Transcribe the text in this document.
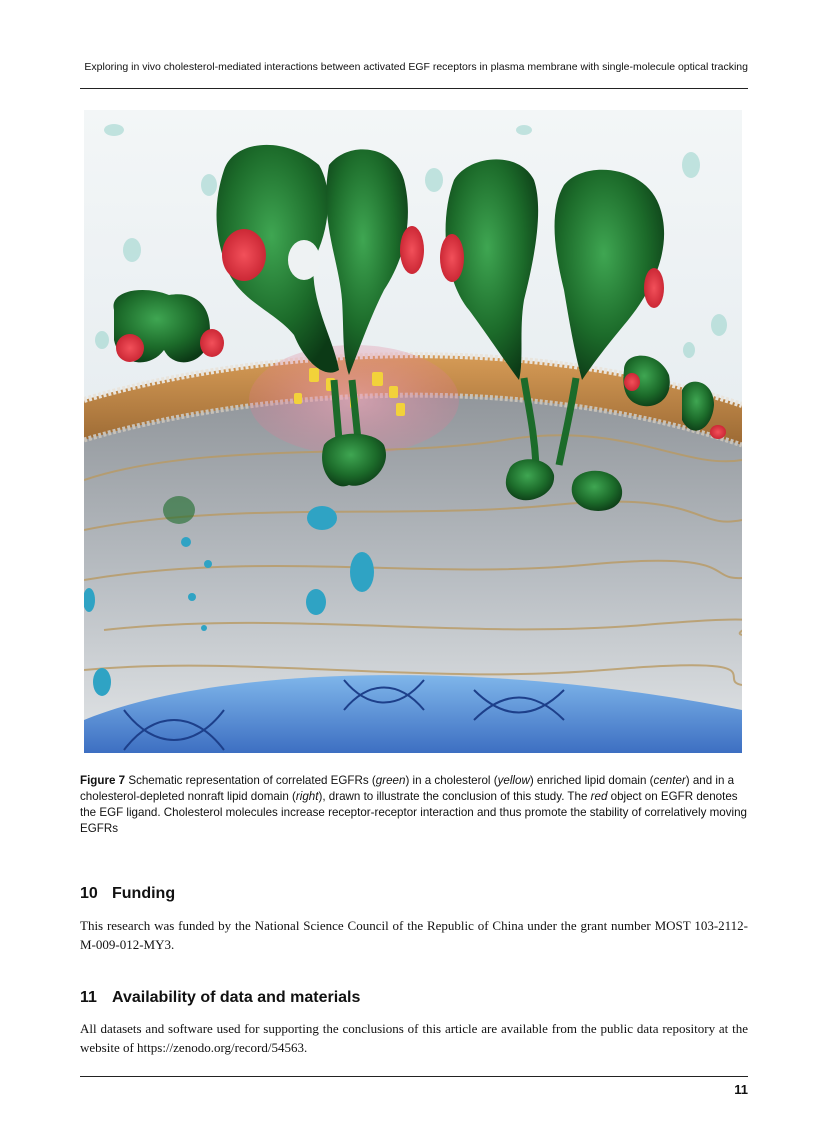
Exploring in vivo cholesterol-mediated interactions between activated EGF receptors in plasma membrane with single-molecule optical tracking
Figure 7 Schematic representation of correlated EGFRs (green) in a cholesterol (yellow) enriched lipid domain (center) and in a cholesterol-depleted nonraft lipid domain (right), drawn to illustrate the conclusion of this study. The red object on EGFR denotes the EGF ligand. Cholesterol molecules increase receptor-receptor interaction and thus promote the stability of correlatively moving EGFRs
10 Funding
This research was funded by the National Science Council of the Republic of China under the grant number MOST 103-2112-M-009-012-MY3.
11 Availability of data and materials
All datasets and software used for supporting the conclusions of this article are available from the public data repository at the website of https://zenodo.org/record/54563.
11
